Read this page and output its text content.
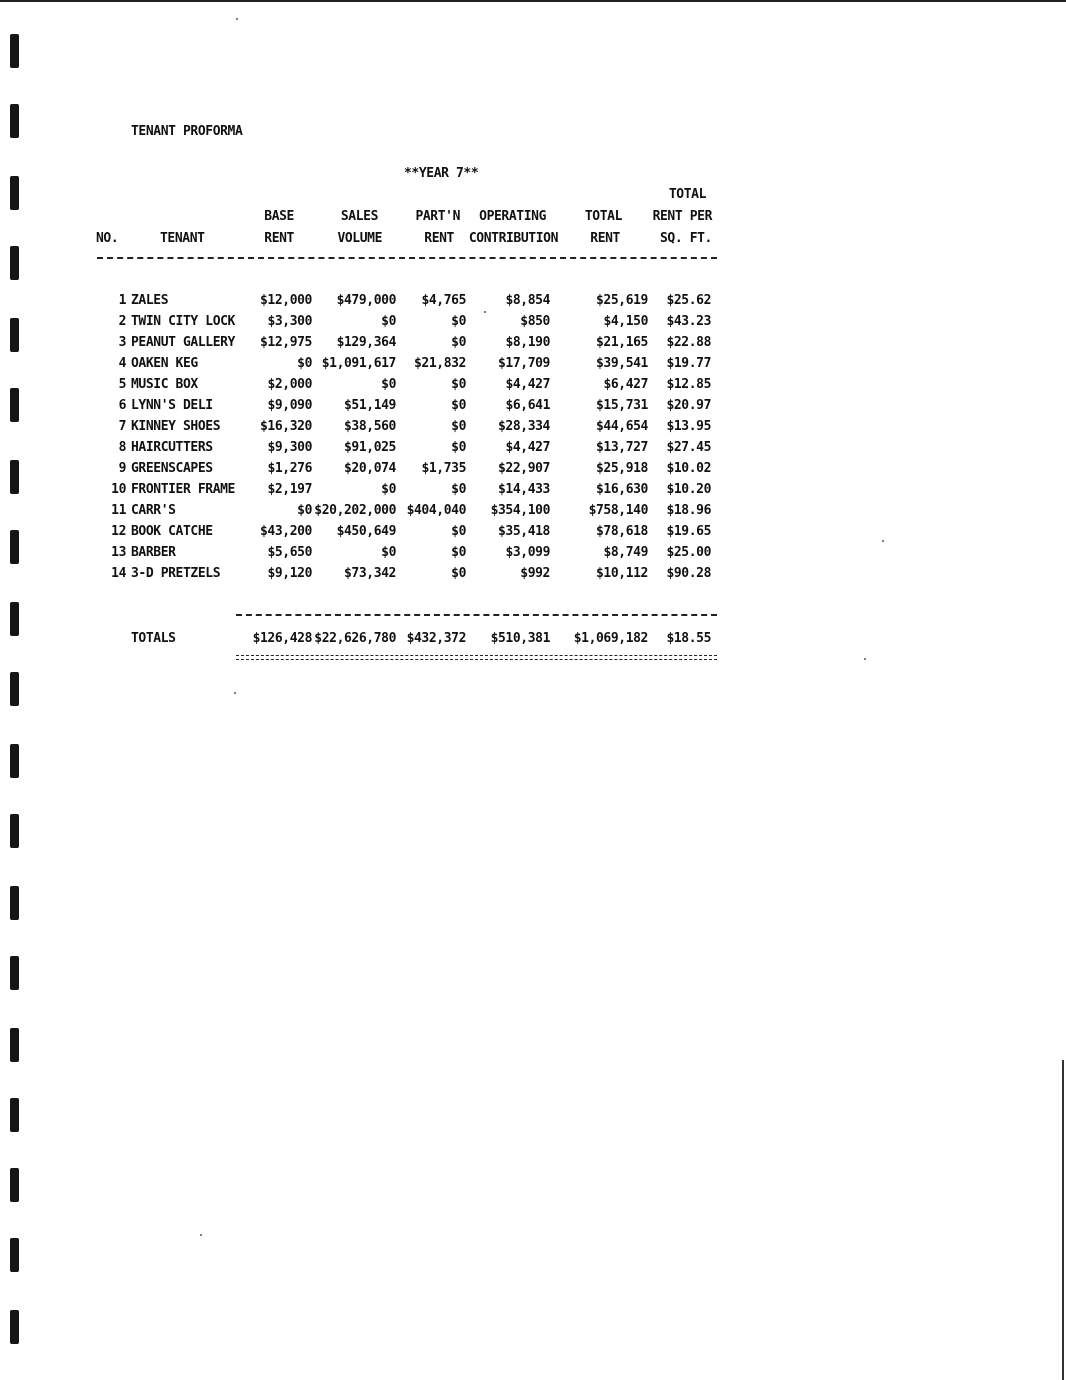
TENANT PROFORMA
**YEAR 7**
TOTAL
BASE	SALES	PART'N	OPERATING	TOTAL	RENT PER
NO.	TENANT	RENT	VOLUME	RENT	CONTRIBUTION	RENT	SQ. FT.
1 ZALES	$12,000	$479,000	$4,765	$8,854	$25,619	$25.62
2 TWIN CITY LOCK	$3,300	$0	$0	$850	$4,150	$43.23
3 PEANUT GALLERY	$12,975	$129,364	$0	$8,190	$21,165	$22.88
4 OAKEN KEG	$0 $1,091,617	$21,832	$17,709	$39,541	$19.77
5 MUSIC BOX	$2,000	$0	$0	$4,427	$6,427	$12.85
6 LYNN'S DELI	$9,090	$51,149	$0	$6,641	$15,731	$20.97
7 KINNEY SHOES	$16,320	$38,560	$0	$28,334	$44,654	$13.95
8 HAIRCUTTERS	$9,300	$91,025	$0	$4,427	$13,727	$27.45
9 GREENSCAPES	$1,276	$20,074	$1,735	$22,907	$25,918	$10.02
10 FRONTIER FRAME	$2,197	$0	$0	$14,433	$16,630	$10.20
11 CARR'S	$0 $20,202,000 $404,040	$354,100	$758,140	$18.96
12 BOOK CATCHE	$43,200	$450,649	$0	$35,418	$78,618	$19.65
13 BARBER	$5,650	$0	$0	$3,099	$8,749	$25.00
14 3-D PRETZELS	$9,120	$73,342	$0	$992	$10,112	$90.28
TOTALS	$126,428 $22,626,780 $432,372	$510,381	$1,069,182	$18.55
